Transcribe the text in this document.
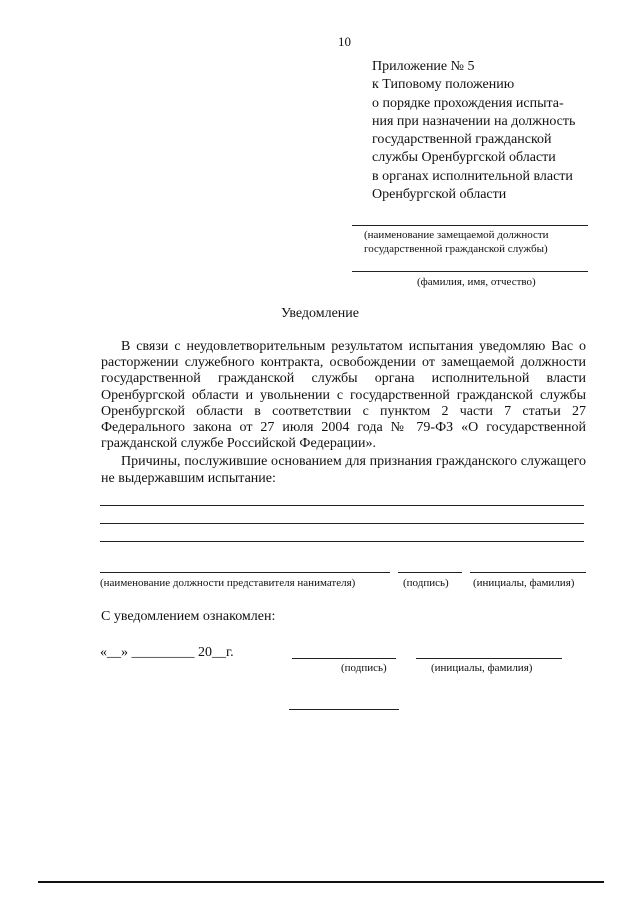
10
Приложение № 5
к Типовому положению
о порядке прохождения испыта-
ния при назначении на должность
государственной гражданской
службы Оренбургской области
в органах исполнительной власти
Оренбургской области
(наименование замещаемой должности
государственной гражданской службы)
(фамилия, имя, отчество)
Уведомление

В связи с неудовлетворительным результатом испытания уведомляю Вас о расторжении служебного контракта, освобождении от замещаемой должности государственной гражданской службы органа исполнительной власти Оренбургской области и увольнении с государственной гражданской службы Оренбургской области в соответствии с пунктом 2 части 7 статьи 27 Федерального закона от 27 июля 2004 года № 79-ФЗ «О государственной гражданской службе Российской Федерации».

Причины, послужившие основанием для признания гражданского служащего не выдержавшим испытание:

(наименование должности представителя нанимателя)	(подпись) (инициалы, фамилия)
С уведомлением ознакомлен:
«__» _________ 20__г.
(подпись)	(инициалы, фамилия)
